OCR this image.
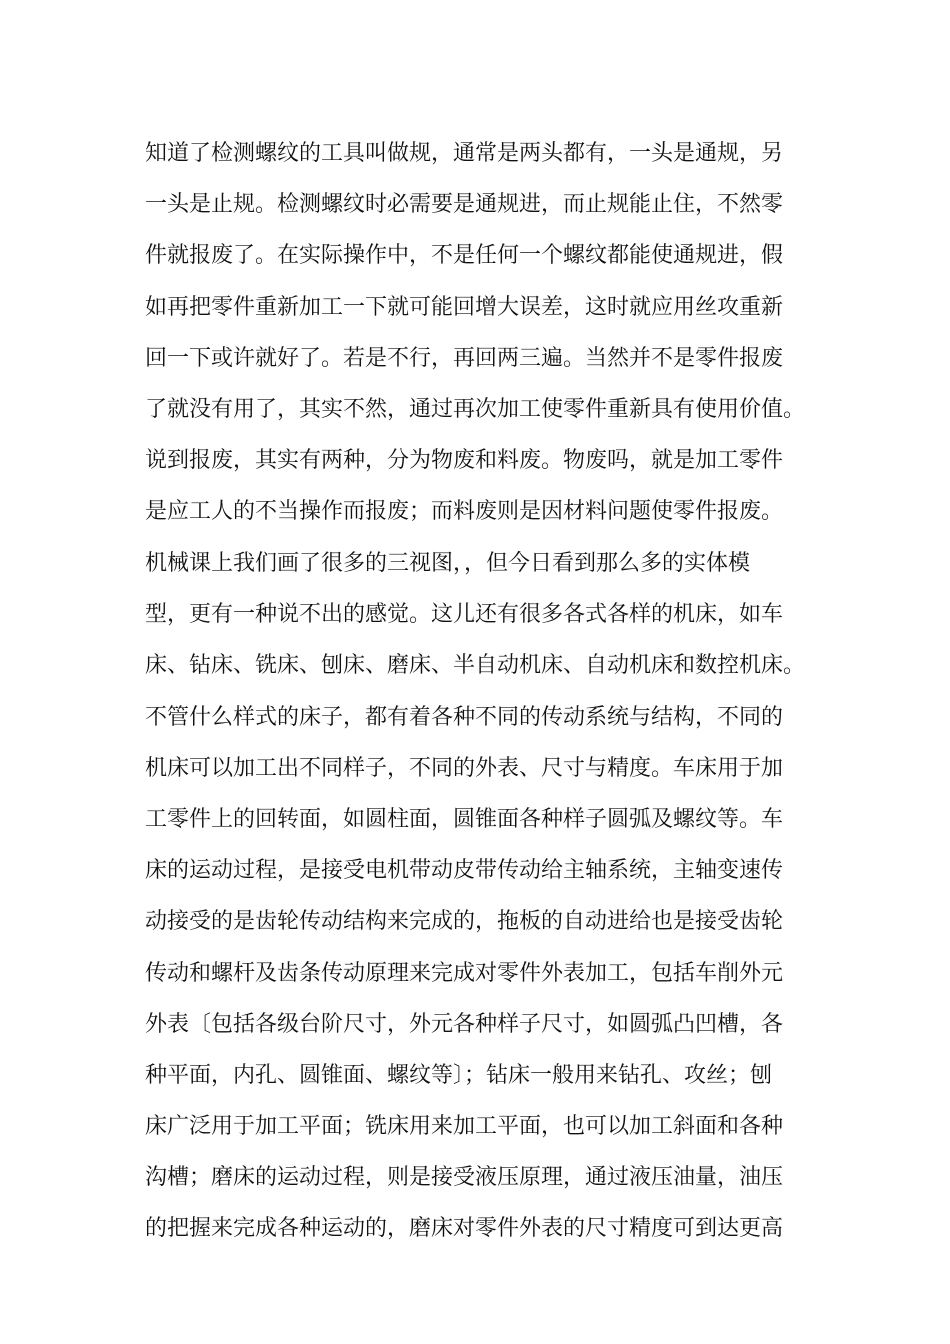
知道了检测螺纹的工具叫做规，通常是两头都有，一头是通规，另
一头是止规。检测螺纹时必需要是通规进，而止规能止住，不然零
件就报废了。在实际操作中，不是任何一个螺纹都能使通规进，假
如再把零件重新加工一下就可能回增大误差，这时就应用丝攻重新
回一下或许就好了。若是不行，再回两三遍。当然并不是零件报废
了就没有用了，其实不然，通过再次加工使零件重新具有使用价值。
说到报废，其实有两种，分为物废和料废。物废吗，就是加工零件
是应工人的不当操作而报废；而料废则是因材料问题使零件报废。
机械课上我们画了很多的三视图，，但今日看到那么多的实体模
型，更有一种说不出的感觉。这儿还有很多各式各样的机床，如车
床、钻床、铣床、刨床、磨床、半自动机床、自动机床和数控机床。
不管什么样式的床子，都有着各种不同的传动系统与结构，不同的
机床可以加工出不同样子，不同的外表、尺寸与精度。车床用于加
工零件上的回转面，如圆柱面，圆锥面各种样子圆弧及螺纹等。车
床的运动过程，是接受电机带动皮带传动给主轴系统，主轴变速传
动接受的是齿轮传动结构来完成的，拖板的自动进给也是接受齿轮
传动和螺杆及齿条传动原理来完成对零件外表加工，包括车削外元
外表〔包括各级台阶尺寸，外元各种样子尺寸，如圆弧凸凹槽，各
种平面，内孔、圆锥面、螺纹等〕；钻床一般用来钻孔、攻丝；刨
床广泛用于加工平面；铣床用来加工平面，也可以加工斜面和各种
沟槽；磨床的运动过程，则是接受液压原理，通过液压油量，油压
的把握来完成各种运动的，磨床对零件外表的尺寸精度可到达更高
